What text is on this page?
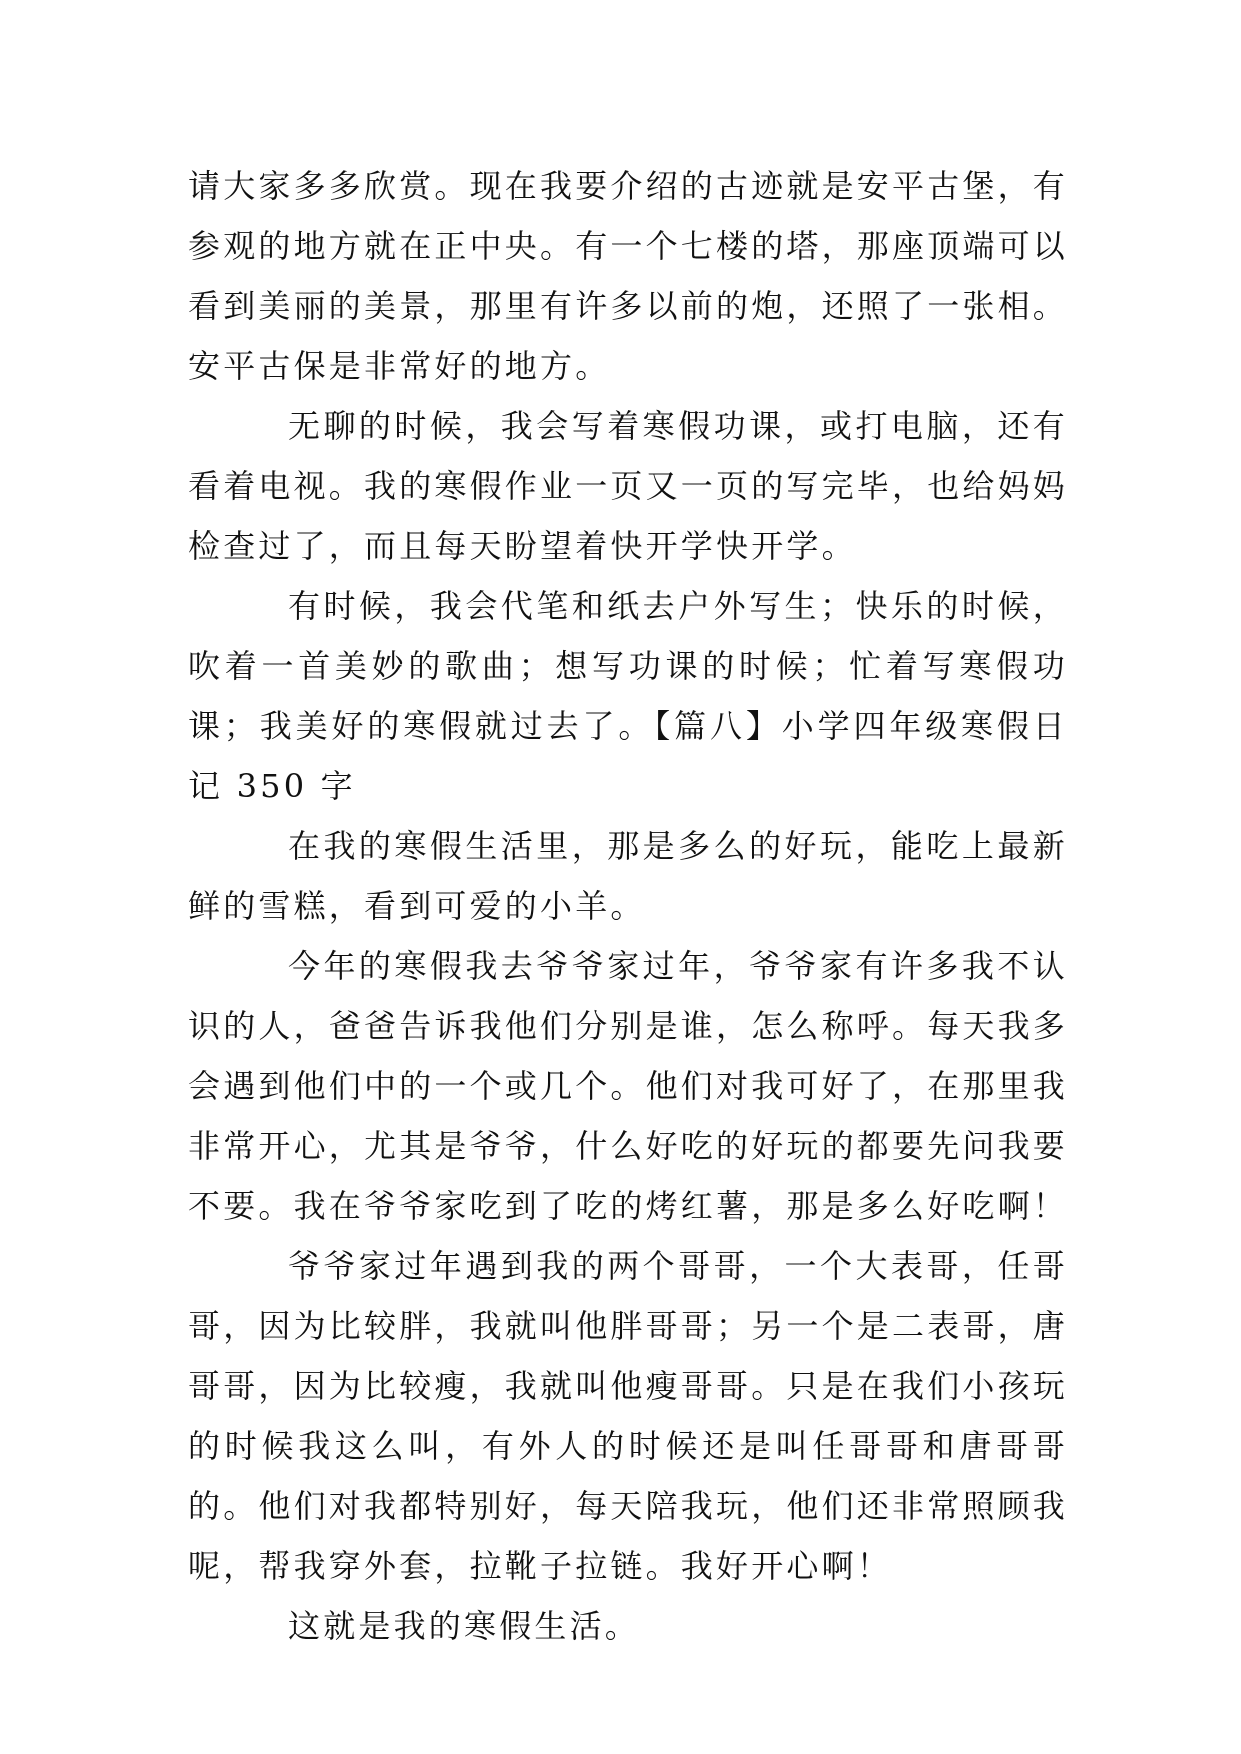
请大家多多欣赏。现在我要介绍的古迹就是安平古堡，有参观的地方就在正中央。有一个七楼的塔，那座顶端可以看到美丽的美景，那里有许多以前的炮，还照了一张相。安平古保是非常好的地方。

无聊的时候，我会写着寒假功课，或打电脑，还有看着电视。我的寒假作业一页又一页的写完毕，也给妈妈检查过了，而且每天盼望着快开学快开学。

有时候，我会代笔和纸去户外写生；快乐的时候，吹着一首美妙的歌曲；想写功课的时候；忙着写寒假功课；我美好的寒假就过去了。【篇八】小学四年级寒假日记 350 字

在我的寒假生活里，那是多么的好玩，能吃上最新鲜的雪糕，看到可爱的小羊。

今年的寒假我去爷爷家过年，爷爷家有许多我不认识的人，爸爸告诉我他们分别是谁，怎么称呼。每天我多会遇到他们中的一个或几个。他们对我可好了，在那里我非常开心，尤其是爷爷，什么好吃的好玩的都要先问我要不要。我在爷爷家吃到了吃的烤红薯，那是多么好吃啊！

爷爷家过年遇到我的两个哥哥，一个大表哥，任哥哥，因为比较胖，我就叫他胖哥哥；另一个是二表哥，唐哥哥，因为比较瘦，我就叫他瘦哥哥。只是在我们小孩玩的时候我这么叫，有外人的时候还是叫任哥哥和唐哥哥的。他们对我都特别好，每天陪我玩，他们还非常照顾我呢，帮我穿外套，拉靴子拉链。我好开心啊！

这就是我的寒假生活。
